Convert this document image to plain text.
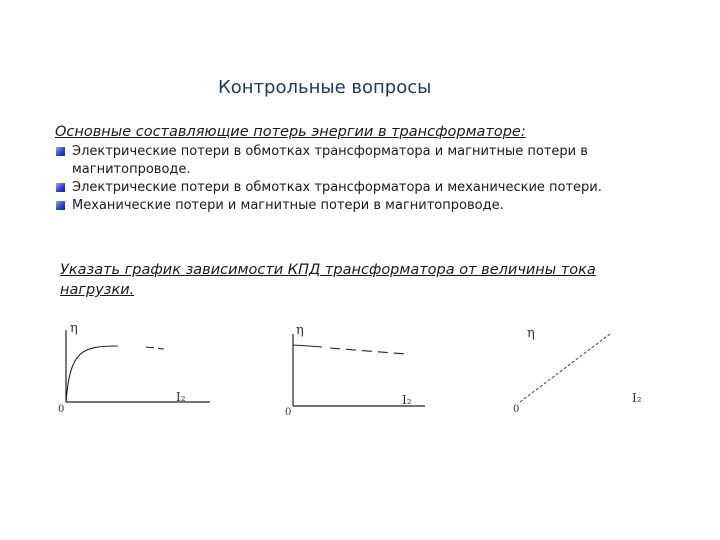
Контрольные вопросы
Основные составляющие потерь энергии в трансформаторе:
Электрические потери в обмотках трансформатора и магнитные потери в магнитопроводе.
Электрические потери в обмотках трансформатора и механические потери.
Механические потери и магнитные потери в магнитопроводе.
Указать график зависимости КПД трансформатора от величины тока нагрузки.
η
I₂
0
η
I₂
0
η
I₂
0
